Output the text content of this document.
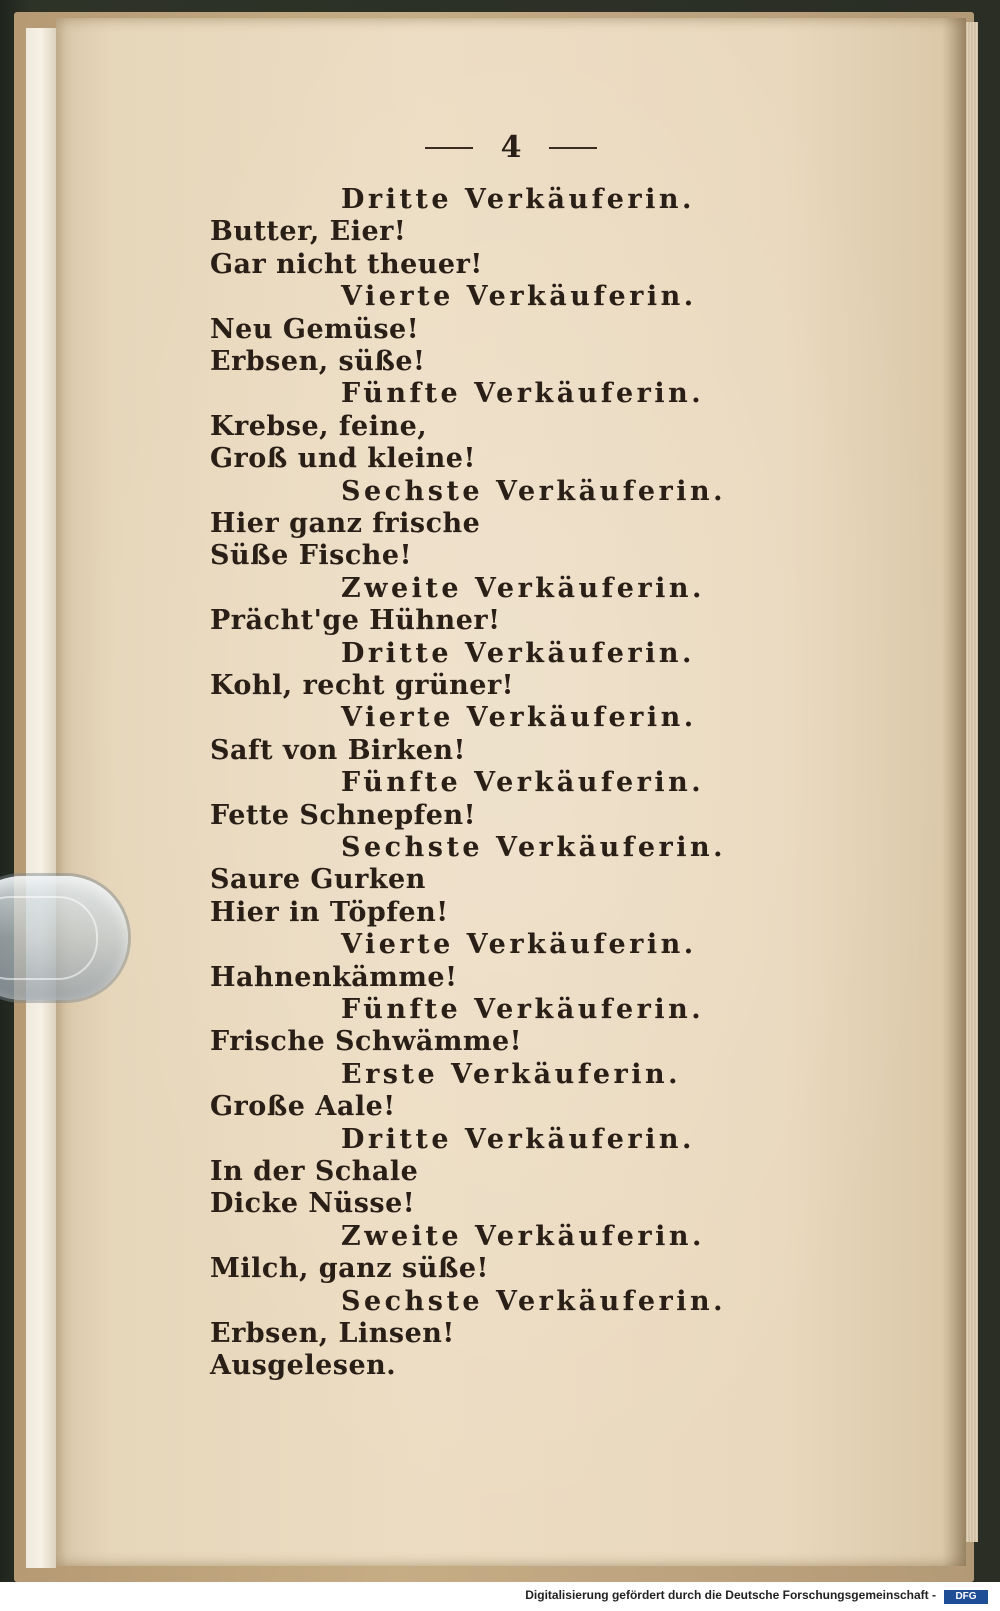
4
Dritte Verkäuferin.
Butter, Eier!
Gar nicht theuer!
Vierte Verkäuferin.
Neu Gemüse!
Erbsen, süße!
Fünfte Verkäuferin.
Krebse, feine,
Groß und kleine!
Sechste Verkäuferin.
Hier ganz frische
Süße Fische!
Zweite Verkäuferin.
Prächt'ge Hühner!
Dritte Verkäuferin.
Kohl, recht grüner!
Vierte Verkäuferin.
Saft von Birken!
Fünfte Verkäuferin.
Fette Schnepfen!
Sechste Verkäuferin.
Saure Gurken
Hier in Töpfen!
Vierte Verkäuferin.
Hahnenkämme!
Fünfte Verkäuferin.
Frische Schwämme!
Erste Verkäuferin.
Große Aale!
Dritte Verkäuferin.
In der Schale
Dicke Nüsse!
Zweite Verkäuferin.
Milch, ganz süße!
Sechste Verkäuferin.
Erbsen, Linsen!
Ausgelesen.
Digitalisierung gefördert durch die Deutsche Forschungsgemeinschaft -	DFG
